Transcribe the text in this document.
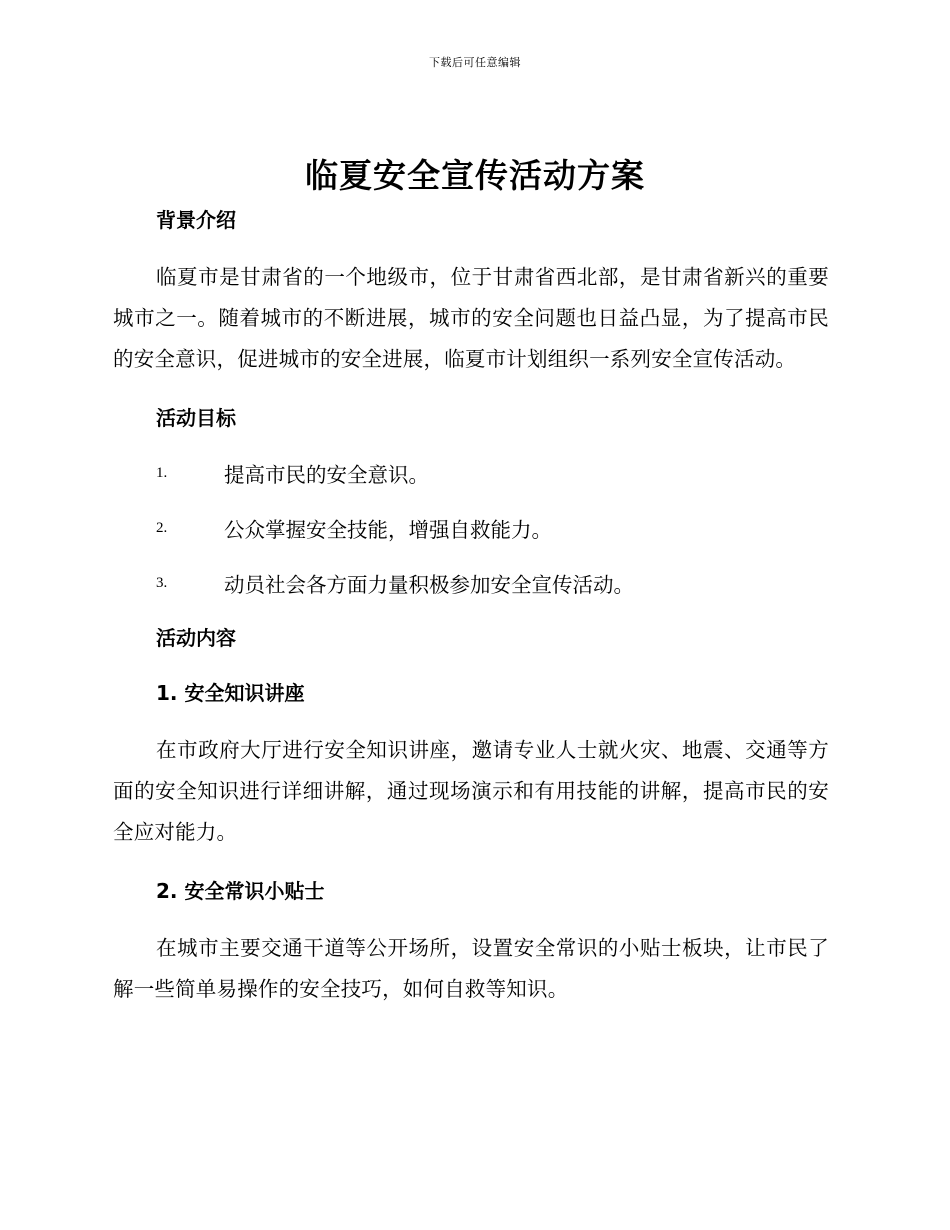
下载后可任意编辑
临夏安全宣传活动方案
背景介绍

临夏市是甘肃省的一个地级市，位于甘肃省西北部，是甘肃省新兴的重要城市之一。随着城市的不断进展，城市的安全问题也日益凸显，为了提高市民的安全意识，促进城市的安全进展，临夏市计划组织一系列安全宣传活动。

活动目标
1.	提高市民的安全意识。
2.	公众掌握安全技能，增强自救能力。
3.	动员社会各方面力量积极参加安全宣传活动。
活动内容
1. 安全知识讲座

在市政府大厅进行安全知识讲座，邀请专业人士就火灾、地震、交通等方面的安全知识进行详细讲解，通过现场演示和有用技能的讲解，提高市民的安全应对能力。

2. 安全常识小贴士

在城市主要交通干道等公开场所，设置安全常识的小贴士板块，让市民了解一些简单易操作的安全技巧，如何自救等知识。
